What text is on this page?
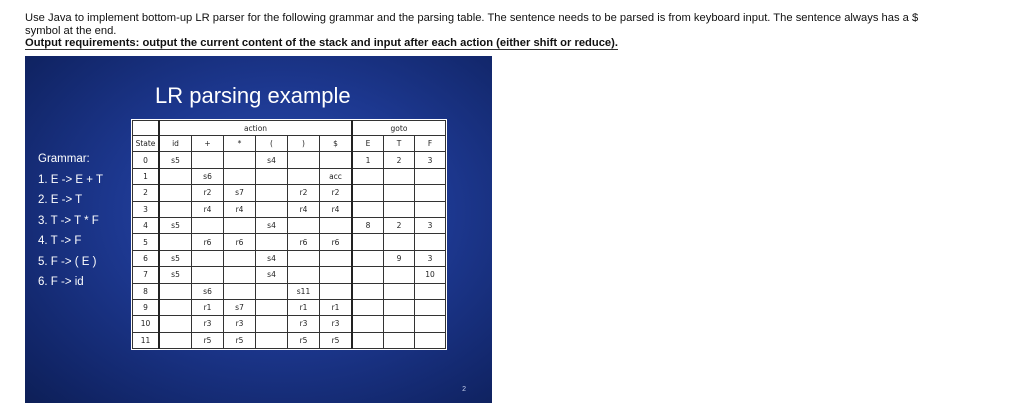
Use Java to implement bottom-up LR parser for the following grammar and the parsing table. The sentence needs to be parsed is from keyboard input. The sentence always has a $
symbol at the end.
Output requirements: output the current content of the stack and input after each action (either shift or reduce).
LR parsing example
Grammar:
1. E -> E + T
2. E -> T
3. T -> T * F
4. T -> F
5. F -> ( E )
6. F -> id
	action						goto		
State	id	+	*	(	)	$	E	T	F
0	s5			s4			1	2	3
1		s6				acc			
2		r2	s7		r2	r2			
3		r4	r4		r4	r4			
4	s5			s4			8	2	3
5		r6	r6		r6	r6			
6	s5			s4				9	3
7	s5			s4					10
8		s6			s11				
9		r1	s7		r1	r1			
10		r3	r3		r3	r3			
11		r5	r5		r5	r5			
2
